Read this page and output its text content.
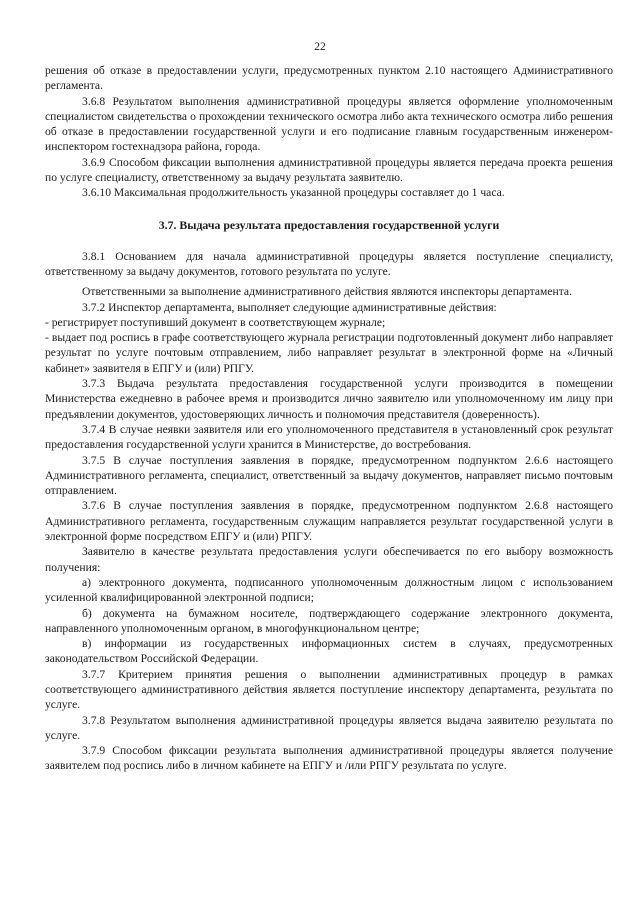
22

решения об отказе в предоставлении услуги, предусмотренных пунктом 2.10 настоящего Административного регламента.

3.6.8 Результатом выполнения административной процедуры является оформление уполномоченным специалистом свидетельства о прохождении технического осмотра либо акта технического осмотра либо решения об отказе в предоставлении государственной услуги и его подписание главным государственным инженером-инспектором гостехнадзора района, города.

3.6.9 Способом фиксации выполнения административной процедуры является передача проекта решения по услуге специалисту, ответственному за выдачу результата заявителю.

3.6.10 Максимальная продолжительность указанной процедуры составляет до 1 часа.

3.7. Выдача результата предоставления государственной услуги

3.8.1 Основанием для начала административной процедуры является поступление специалисту, ответственному за выдачу документов, готового результата по услуге.

Ответственными за выполнение административного действия являются инспекторы департамента.

3.7.2 Инспектор департамента, выполняет следующие административные действия:

- регистрирует поступивший документ в соответствующем журнале;

- выдает под роспись в графе соответствующего журнала регистрации подготовленный документ либо направляет результат по услуге почтовым отправлением, либо направляет результат в электронной форме на «Личный кабинет» заявителя в ЕПГУ и (или) РПГУ.

3.7.3 Выдача результата предоставления государственной услуги производится в помещении Министерства ежедневно в рабочее время и производится лично заявителю или уполномоченному им лицу при предъявлении документов, удостоверяющих личность и полномочия представителя (доверенность).

3.7.4 В случае неявки заявителя или его уполномоченного представителя в установленный срок результат предоставления государственной услуги хранится в Министерстве, до востребования.

3.7.5 В случае поступления заявления в порядке, предусмотренном подпунктом 2.6.6 настоящего Административного регламента, специалист, ответственный за выдачу документов, направляет письмо почтовым отправлением.

3.7.6 В случае поступления заявления в порядке, предусмотренном подпунктом 2.6.8 настоящего Административного регламента, государственным служащим направляется результат государственной услуги в электронной форме посредством ЕПГУ и (или) РПГУ.

Заявителю в качестве результата предоставления услуги обеспечивается по его выбору возможность получения:

а) электронного документа, подписанного уполномоченным должностным лицом с использованием усиленной квалифицированной электронной подписи;

б) документа на бумажном носителе, подтверждающего содержание электронного документа, направленного уполномоченным органом, в многофункциональном центре;

в) информации из государственных информационных систем в случаях, предусмотренных законодательством Российской Федерации.

3.7.7 Критерием принятия решения о выполнении административных процедур в рамках соответствующего административного действия является поступление инспектору департамента, результата по услуге.

3.7.8 Результатом выполнения административной процедуры является выдача заявителю результата по услуге.

3.7.9 Способом фиксации результата выполнения административной процедуры является получение заявителем под роспись либо в личном кабинете на ЕПГУ и /или РПГУ результата по услуге.
